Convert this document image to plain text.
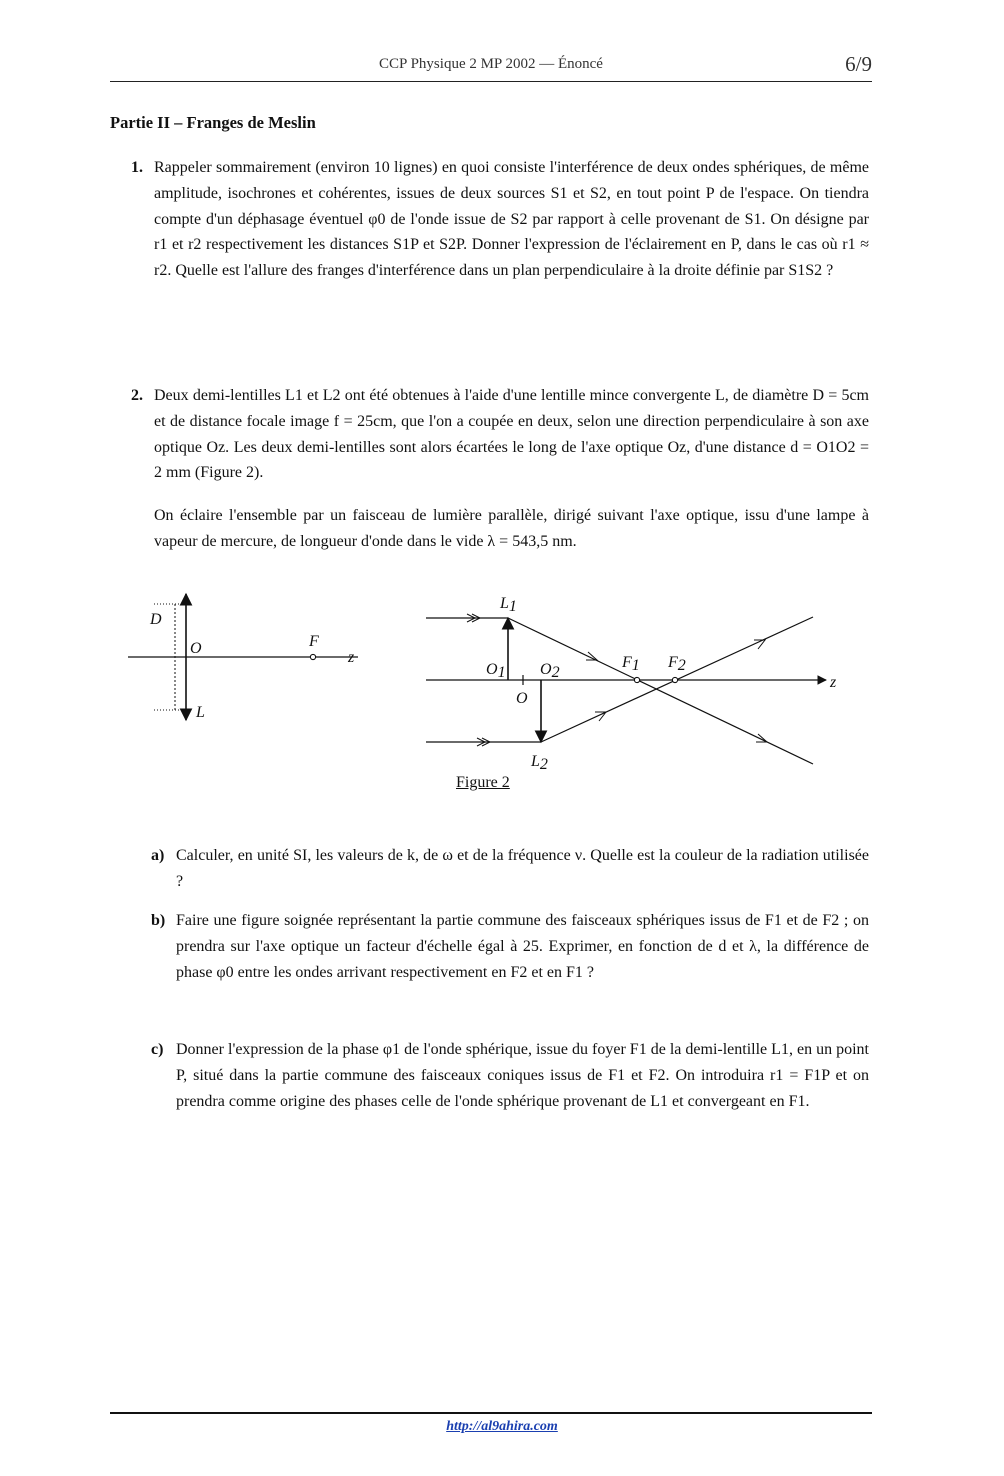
CCP Physique 2 MP 2002 — Énoncé	6/9
Partie II – Franges de Meslin
1. Rappeler sommairement (environ 10 lignes) en quoi consiste l'interférence de deux ondes sphériques, de même amplitude, isochrones et cohérentes, issues de deux sources S1 et S2, en tout point P de l'espace. On tiendra compte d'un déphasage éventuel φ0 de l'onde issue de S2 par rapport à celle provenant de S1. On désigne par r1 et r2 respectivement les distances S1P et S2P. Donner l'expression de l'éclairement en P, dans le cas où r1 ≈ r2. Quelle est l'allure des franges d'interférence dans un plan perpendiculaire à la droite définie par S1S2 ?

2. Deux demi-lentilles L1 et L2 ont été obtenues à l'aide d'une lentille mince convergente L, de diamètre D = 5cm et de distance focale image f = 25cm, que l'on a coupée en deux, selon une direction perpendiculaire à son axe optique Oz. Les deux demi-lentilles sont alors écartées le long de l'axe optique Oz, d'une distance d = O1O2 = 2 mm (Figure 2).

On éclaire l'ensemble par un faisceau de lumière parallèle, dirigé suivant l'axe optique, issu d'une lampe à vapeur de mercure, de longueur d'onde dans le vide λ = 543,5 nm.

D
O	F
z
L
L1
O1 O2
O
F1 F2
z
L2
Figure 2
a) Calculer, en unité SI, les valeurs de k, de ω et de la fréquence ν. Quelle est la couleur de la radiation utilisée ?
b) Faire une figure soignée représentant la partie commune des faisceaux sphériques issus de F1 et de F2 ; on prendra sur l'axe optique un facteur d'échelle égal à 25. Exprimer, en fonction de d et λ, la différence de phase φ0 entre les ondes arrivant respectivement en F2 et en F1 ?
c) Donner l'expression de la phase φ1 de l'onde sphérique, issue du foyer F1 de la demi-lentille L1, en un point P, situé dans la partie commune des faisceaux coniques issus de F1 et F2. On introduira r1 = F1P et on prendra comme origine des phases celle de l'onde sphérique provenant de L1 et convergeant en F1.
http://al9ahira.com
